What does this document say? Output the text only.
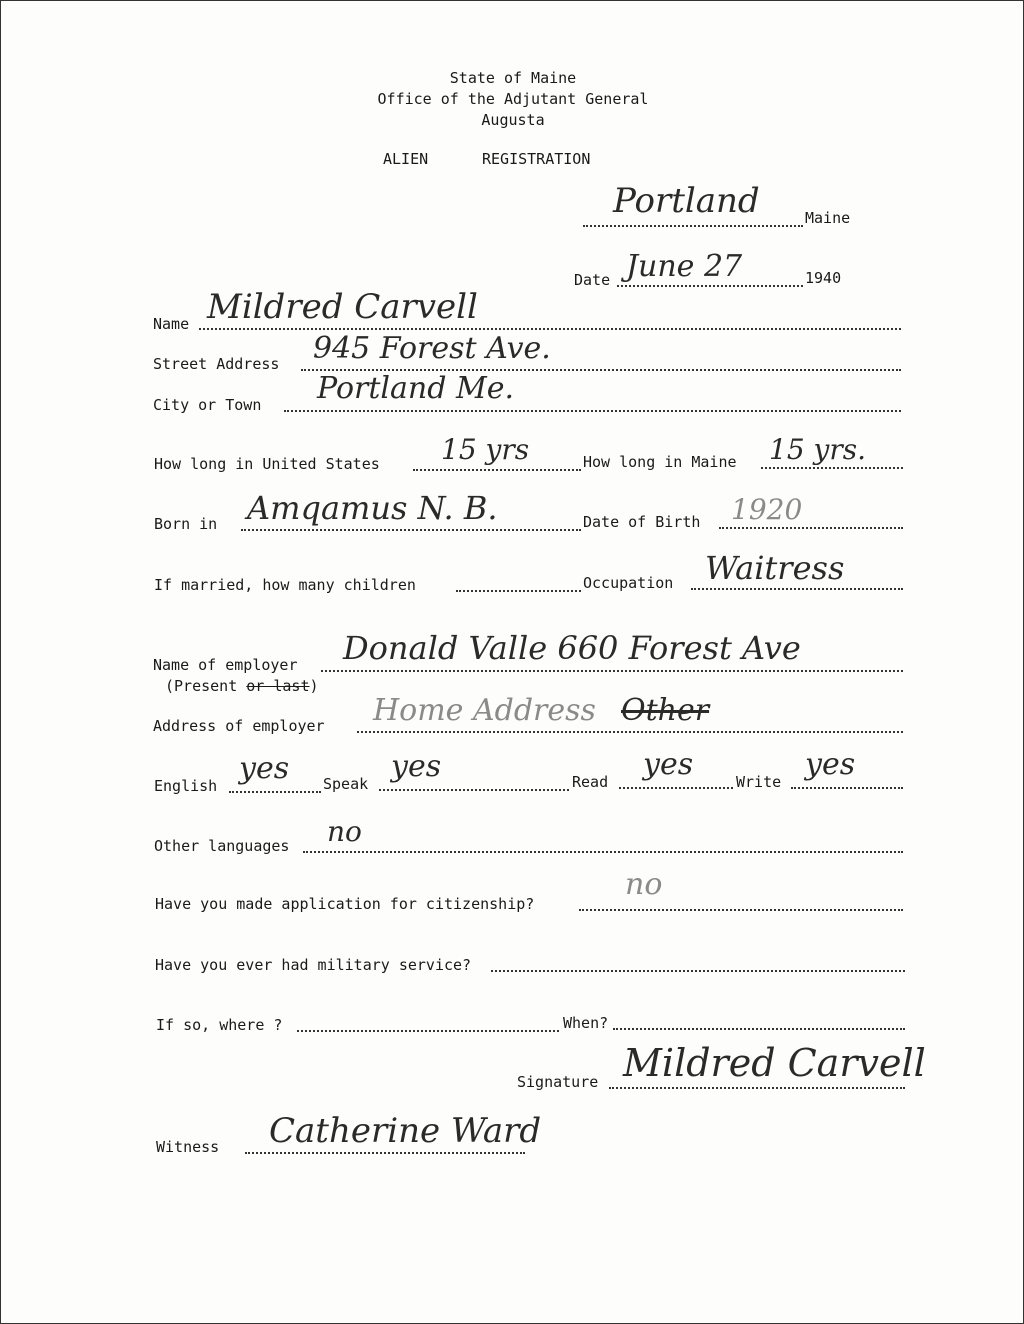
State of Maine
Office of the Adjutant General
Augusta
ALIEN	REGISTRATION
Portland	Maine
Date June 27	1940
Name Mildred Carvell
Street Address 945 Forest Ave.
City or Town Portland Me.
How long in United States 15 yrs	How long in Maine 15 yrs.
Born in Amqamus N. B.	Date of Birth 1920
If married, how many children	Occupation Waitress
Name of employer Donald Valle 660 Forest Ave
(Present or last)
Address of employer Home Address Other
English yes Speak yes	Read yes	Write yes
Other languages no
Have you made application for citizenship?
no
Have you ever had military service?
If so, where ?	When?
Signature Mildred Carvell
Witness Catherine Ward
